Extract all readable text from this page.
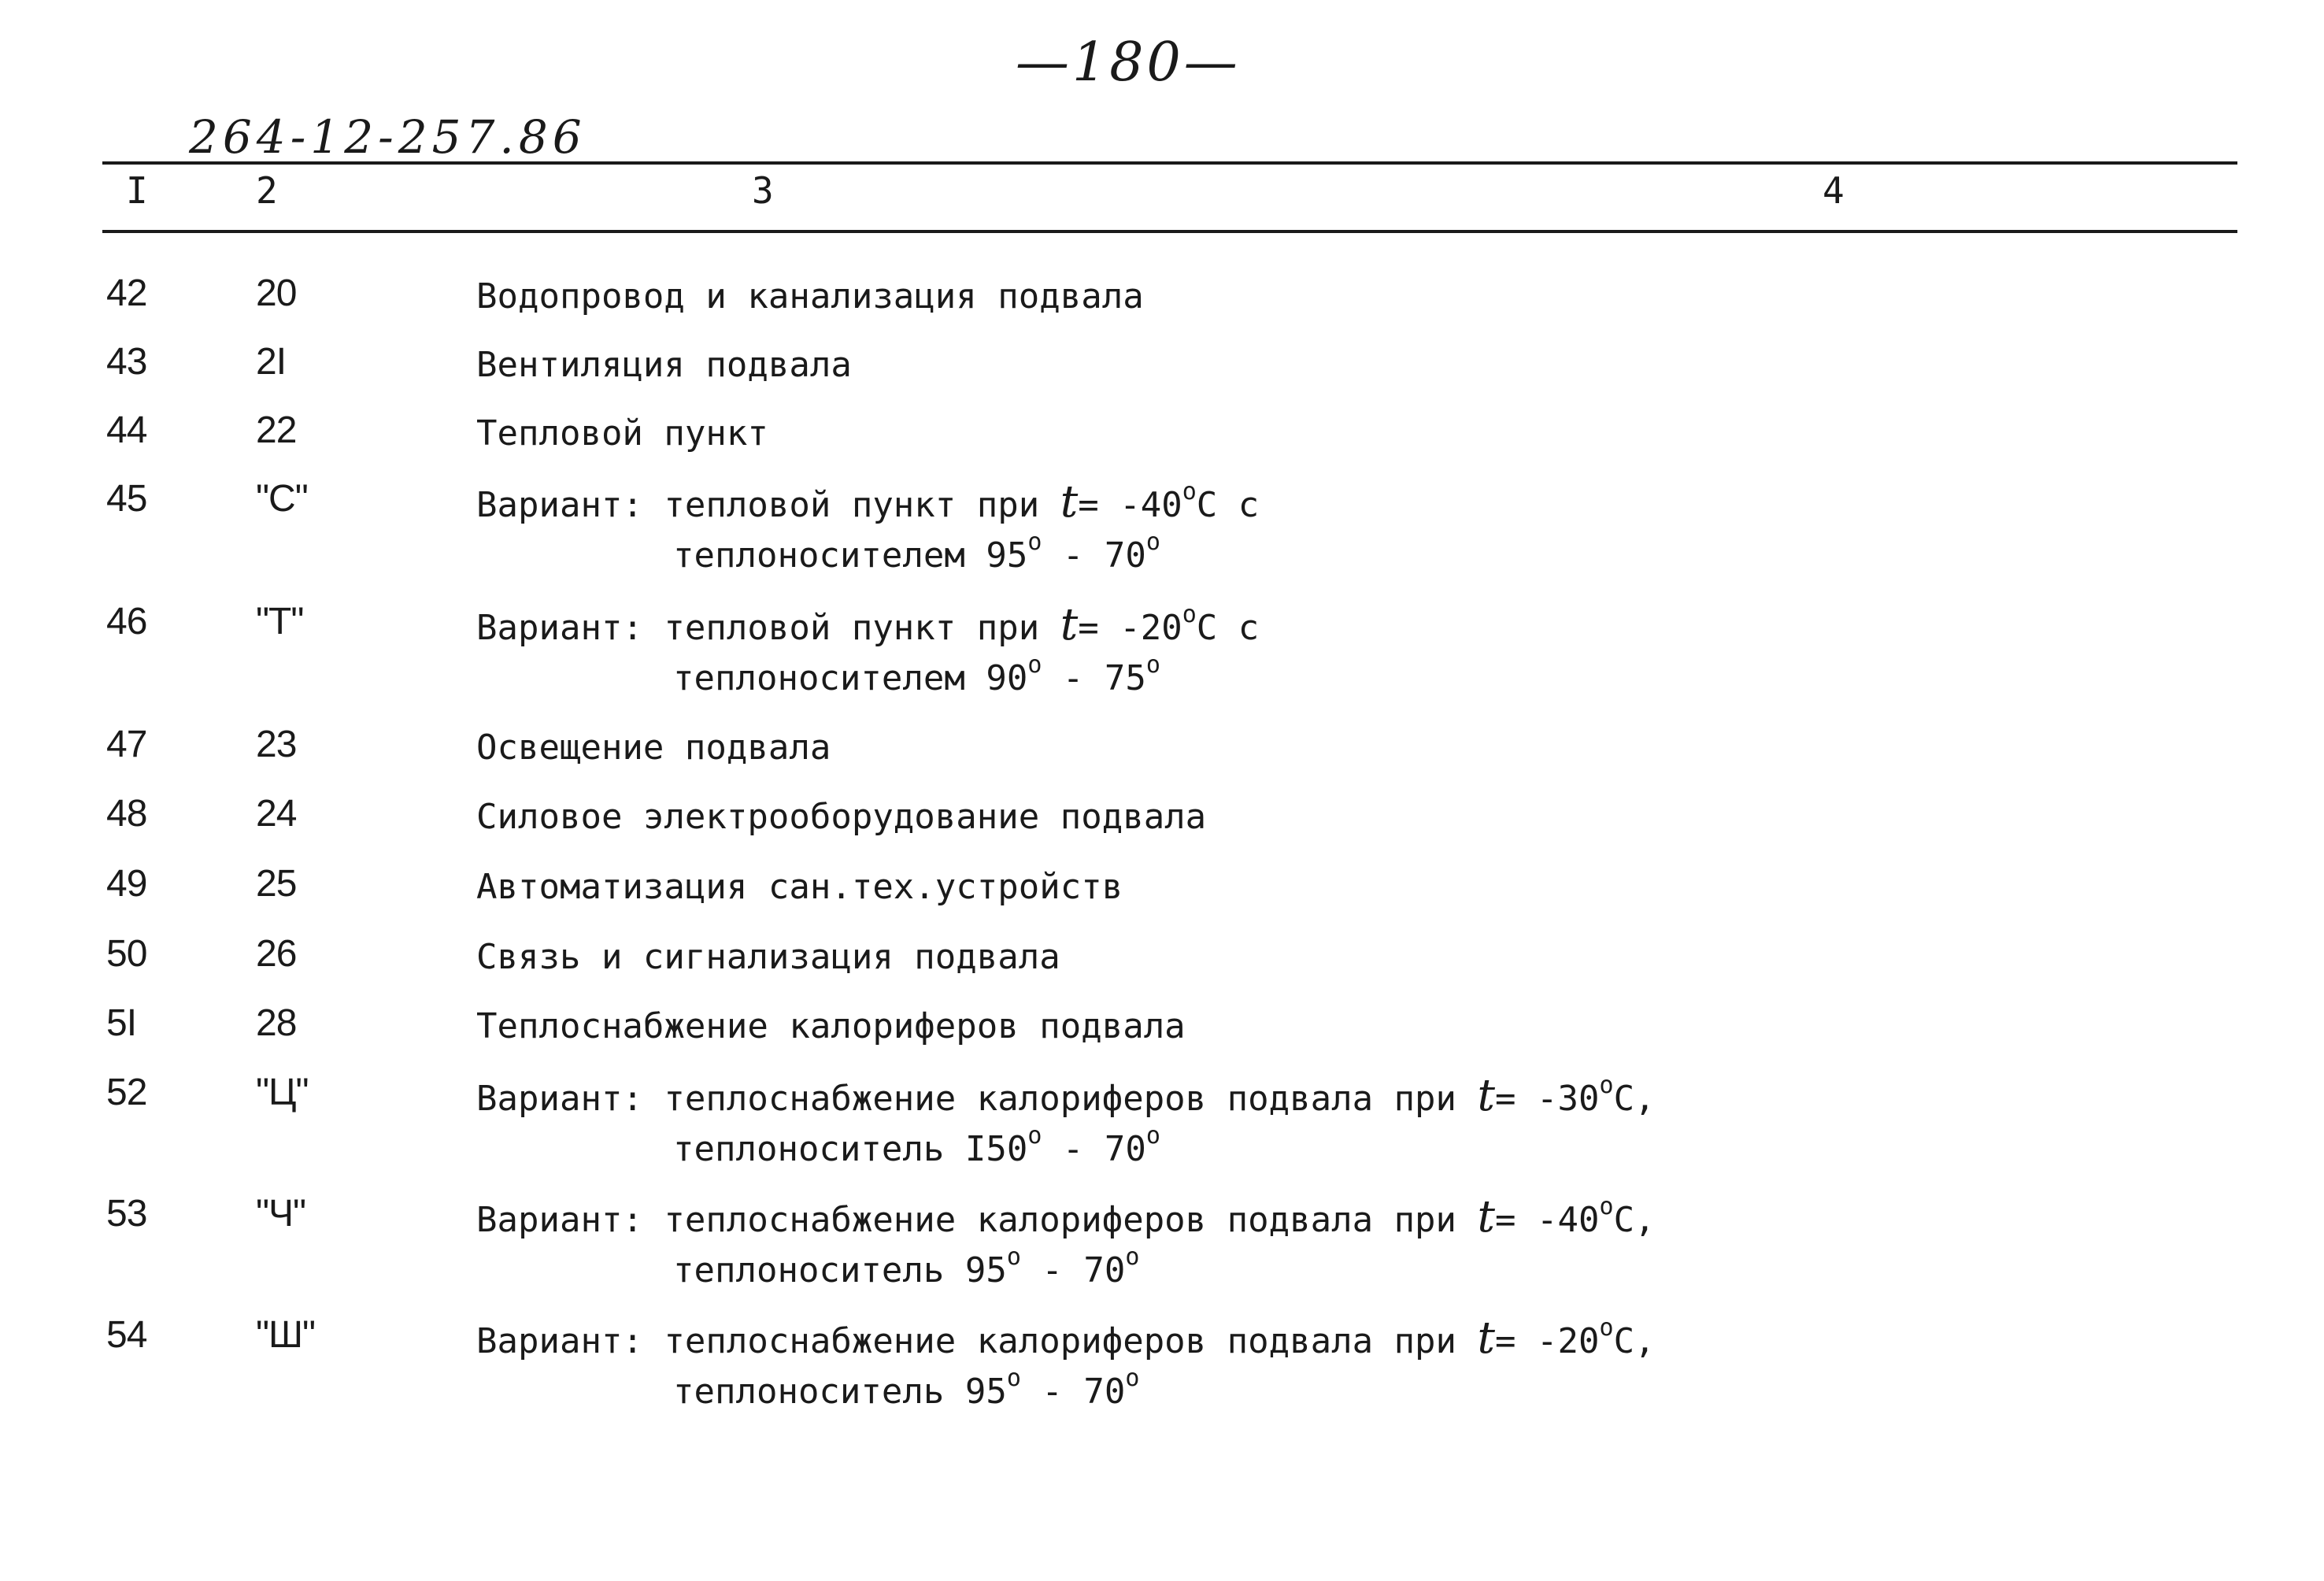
—180—
264-12-257.86
I	2	3	4
42	20	Водопровод и канализация подвала
43	2I	Вентиляция подвала
44	22	Тепловой пункт
45	"С"	Вариант: тепловой пункт при $t= -40^oС$ с
теплоносителем 95$^o$ - 70$^o$
46	"Т"	Вариант: тепловой пункт при $t= -20^oС$ с
теплоносителем 90$^o$ - 75$^o$
47	23	Освещение подвала
48	24	Силовое электрооборудование подвала
49	25	Автоматизация сан.тех.устройств
50	26	Связь и сигнализация подвала
5I	28	Теплоснабжение калориферов подвала
52	"Ц"	Вариант: теплоснабжение калориферов подвала при $t= -30^oС$,
теплоноситель I50$^o$ - 70$^o$
53	"Ч"	Вариант: теплоснабжение калориферов подвала при $t= -40^oС$,
теплоноситель 95$^o$ - 70$^o$
54	"Ш"	Вариант: теплоснабжение калориферов подвала при $t= -20^oС$,
теплоноситель 95$^o$ - 70$^o$
